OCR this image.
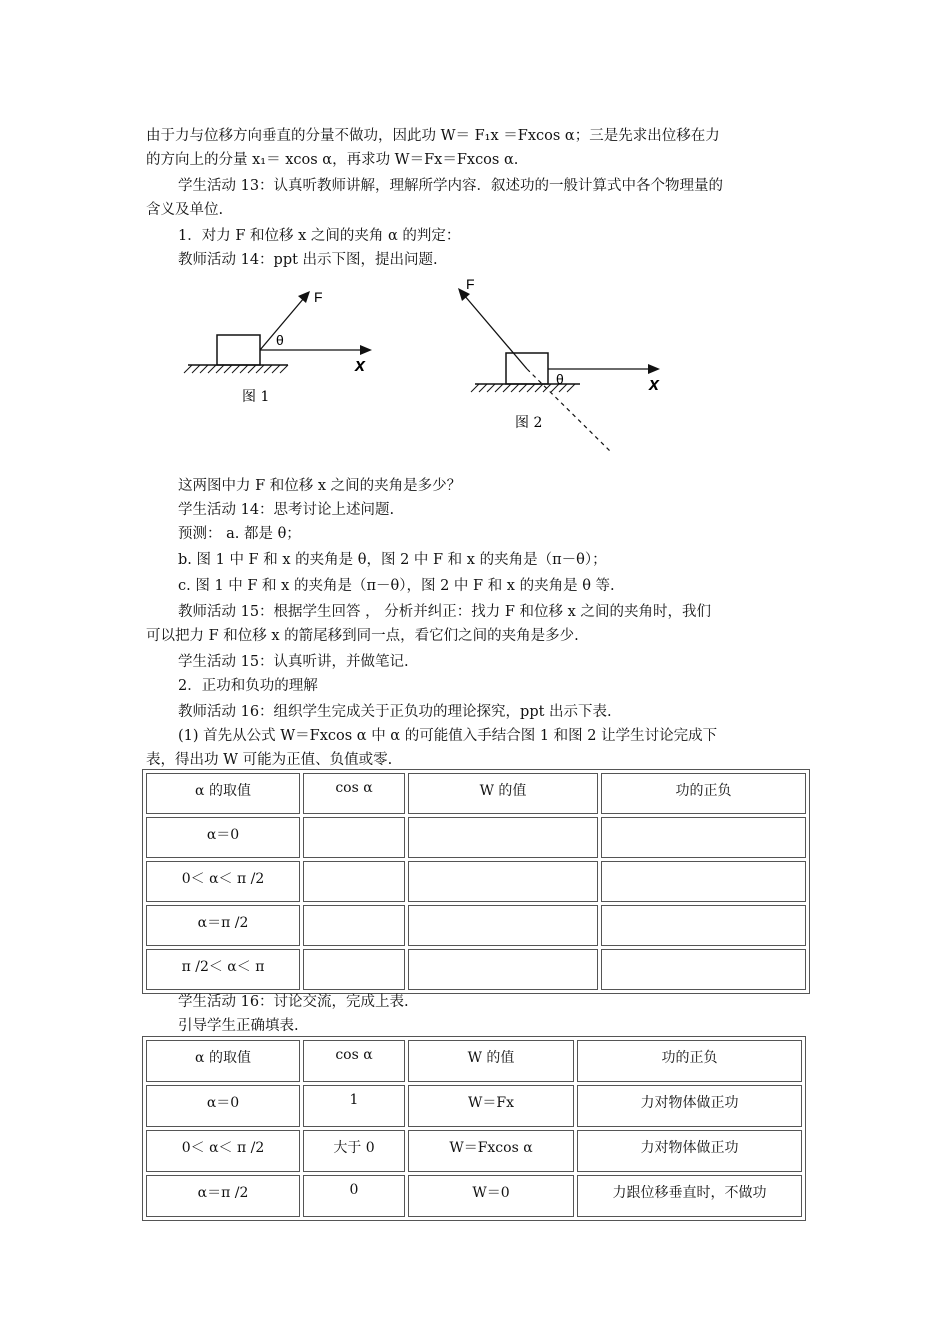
由于力与位移方向垂直的分量不做功，因此功 W＝ F₁x ＝Fxcos α；三是先求出位移在力
的方向上的分量 x₁＝ xcos α，再求功 W＝Fx＝Fxcos α.
学生活动 13：认真听教师讲解，理解所学内容．叙述功的一般计算式中各个物理量的
含义及单位.
1．对力 F 和位移 x 之间的夹角 α 的判定：
教师活动 14：ppt 出示下图，提出问题.
F
θ
x
图 1
F
θ	x
图 2
这两图中力 F 和位移 x 之间的夹角是多少？
学生活动 14：思考讨论上述问题.
预测： a. 都是 θ；
b. 图 1 中 F 和 x 的夹角是 θ，图 2 中 F 和 x 的夹角是（π－θ）；
c. 图 1 中 F 和 x 的夹角是（π－θ），图 2 中 F 和 x 的夹角是 θ 等.
教师活动 15：根据学生回答 ， 分析并纠正：找力 F 和位移 x 之间的夹角时，我们
可以把力 F 和位移 x 的箭尾移到同一点，看它们之间的夹角是多少.
学生活动 15：认真听讲，并做笔记.
2．正功和负功的理解
教师活动 16：组织学生完成关于正负功的理论探究，ppt 出示下表.
(1) 首先从公式 W＝Fxcos α 中 α 的可能值入手结合图 1 和图 2 让学生讨论完成下
表，得出功 W 可能为正值、负值或零.
α 的取值	cos α	W 的值	功的正负
α＝0			
0＜ α＜ π /2			
α＝π /2			
π /2＜ α＜ π			
学生活动 16：讨论交流，完成上表.
引导学生正确填表.
α 的取值	cos α	W 的值	功的正负
α＝0	1	W＝Fx	力对物体做正功
0＜ α＜ π /2	大于 0	W＝Fxcos α	力对物体做正功
α＝π /2	0	W＝0	力跟位移垂直时，不做功
